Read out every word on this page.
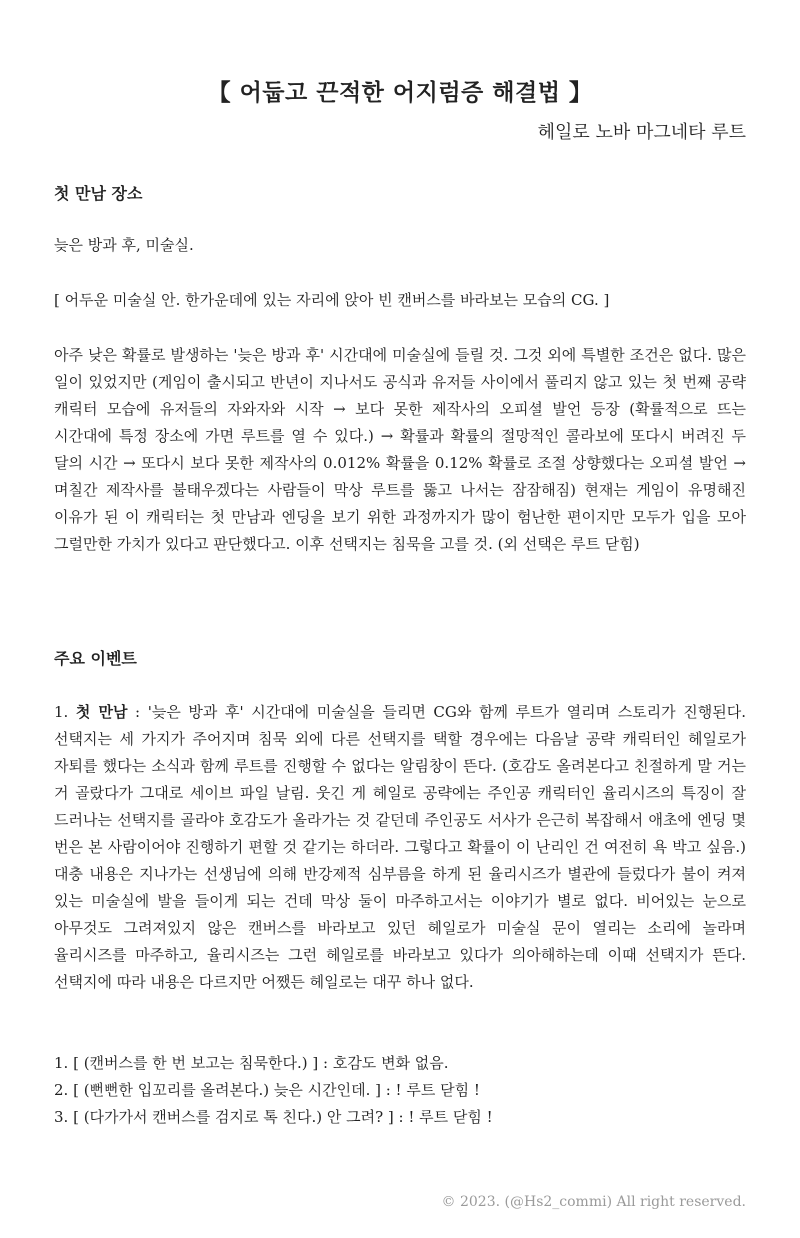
【 어둡고 끈적한 어지럼증 해결법 】

헤일로 노바 마그네타 루트

첫 만남 장소

늦은 방과 후, 미술실.

[ 어두운 미술실 안. 한가운데에 있는 자리에 앉아 빈 캔버스를 바라보는 모습의 CG. ]

아주 낮은 확률로 발생하는 '늦은 방과 후' 시간대에 미술실에 들릴 것. 그것 외에 특별한 조건은 없다. 많은 일이 있었지만 (게임이 출시되고 반년이 지나서도 공식과 유저들 사이에서 풀리지 않고 있는 첫 번째 공략 캐릭터 모습에 유저들의 자와자와 시작 → 보다 못한 제작사의 오피셜 발언 등장 (확률적으로 뜨는 시간대에 특정 장소에 가면 루트를 열 수 있다.) → 확률과 확률의 절망적인 콜라보에 또다시 버려진 두 달의 시간 → 또다시 보다 못한 제작사의 0.012% 확률을 0.12% 확률로 조절 상향했다는 오피셜 발언 → 며칠간 제작사를 불태우겠다는 사람들이 막상 루트를 뚫고 나서는 잠잠해짐) 현재는 게임이 유명해진 이유가 된 이 캐릭터는 첫 만남과 엔딩을 보기 위한 과정까지가 많이 험난한 편이지만 모두가 입을 모아 그럴만한 가치가 있다고 판단했다고. 이후 선택지는 침묵을 고를 것. (외 선택은 루트 닫힘)

주요 이벤트

1. 첫 만남 : '늦은 방과 후' 시간대에 미술실을 들리면 CG와 함께 루트가 열리며 스토리가 진행된다. 선택지는 세 가지가 주어지며 침묵 외에 다른 선택지를 택할 경우에는 다음날 공략 캐릭터인 헤일로가 자퇴를 했다는 소식과 함께 루트를 진행할 수 없다는 알림창이 뜬다. (호감도 올려본다고 친절하게 말 거는 거 골랐다가 그대로 세이브 파일 날림. 웃긴 게 헤일로 공략에는 주인공 캐릭터인 율리시즈의 특징이 잘 드러나는 선택지를 골라야 호감도가 올라가는 것 같던데 주인공도 서사가 은근히 복잡해서 애초에 엔딩 몇 번은 본 사람이어야 진행하기 편할 것 같기는 하더라. 그렇다고 확률이 이 난리인 건 여전히 욕 박고 싶음.) 대충 내용은 지나가는 선생님에 의해 반강제적 심부름을 하게 된 율리시즈가 별관에 들렀다가 불이 켜져 있는 미술실에 발을 들이게 되는 건데 막상 둘이 마주하고서는 이야기가 별로 없다. 비어있는 눈으로 아무것도 그려져있지 않은 캔버스를 바라보고 있던 헤일로가 미술실 문이 열리는 소리에 놀라며 율리시즈를 마주하고, 율리시즈는 그런 헤일로를 바라보고 있다가 의아해하는데 이때 선택지가 뜬다. 선택지에 따라 내용은 다르지만 어쨌든 헤일로는 대꾸 하나 없다.

1. [ (캔버스를 한 번 보고는 침묵한다.) ] : 호감도 변화 없음.
2. [ (뻔뻔한 입꼬리를 올려본다.) 늦은 시간인데. ] : ! 루트 닫힘 !
3. [ (다가가서 캔버스를 검지로 톡 친다.) 안 그려? ] : ! 루트 닫힘 !

© 2023. (@Hs2_commi) All right reserved.
